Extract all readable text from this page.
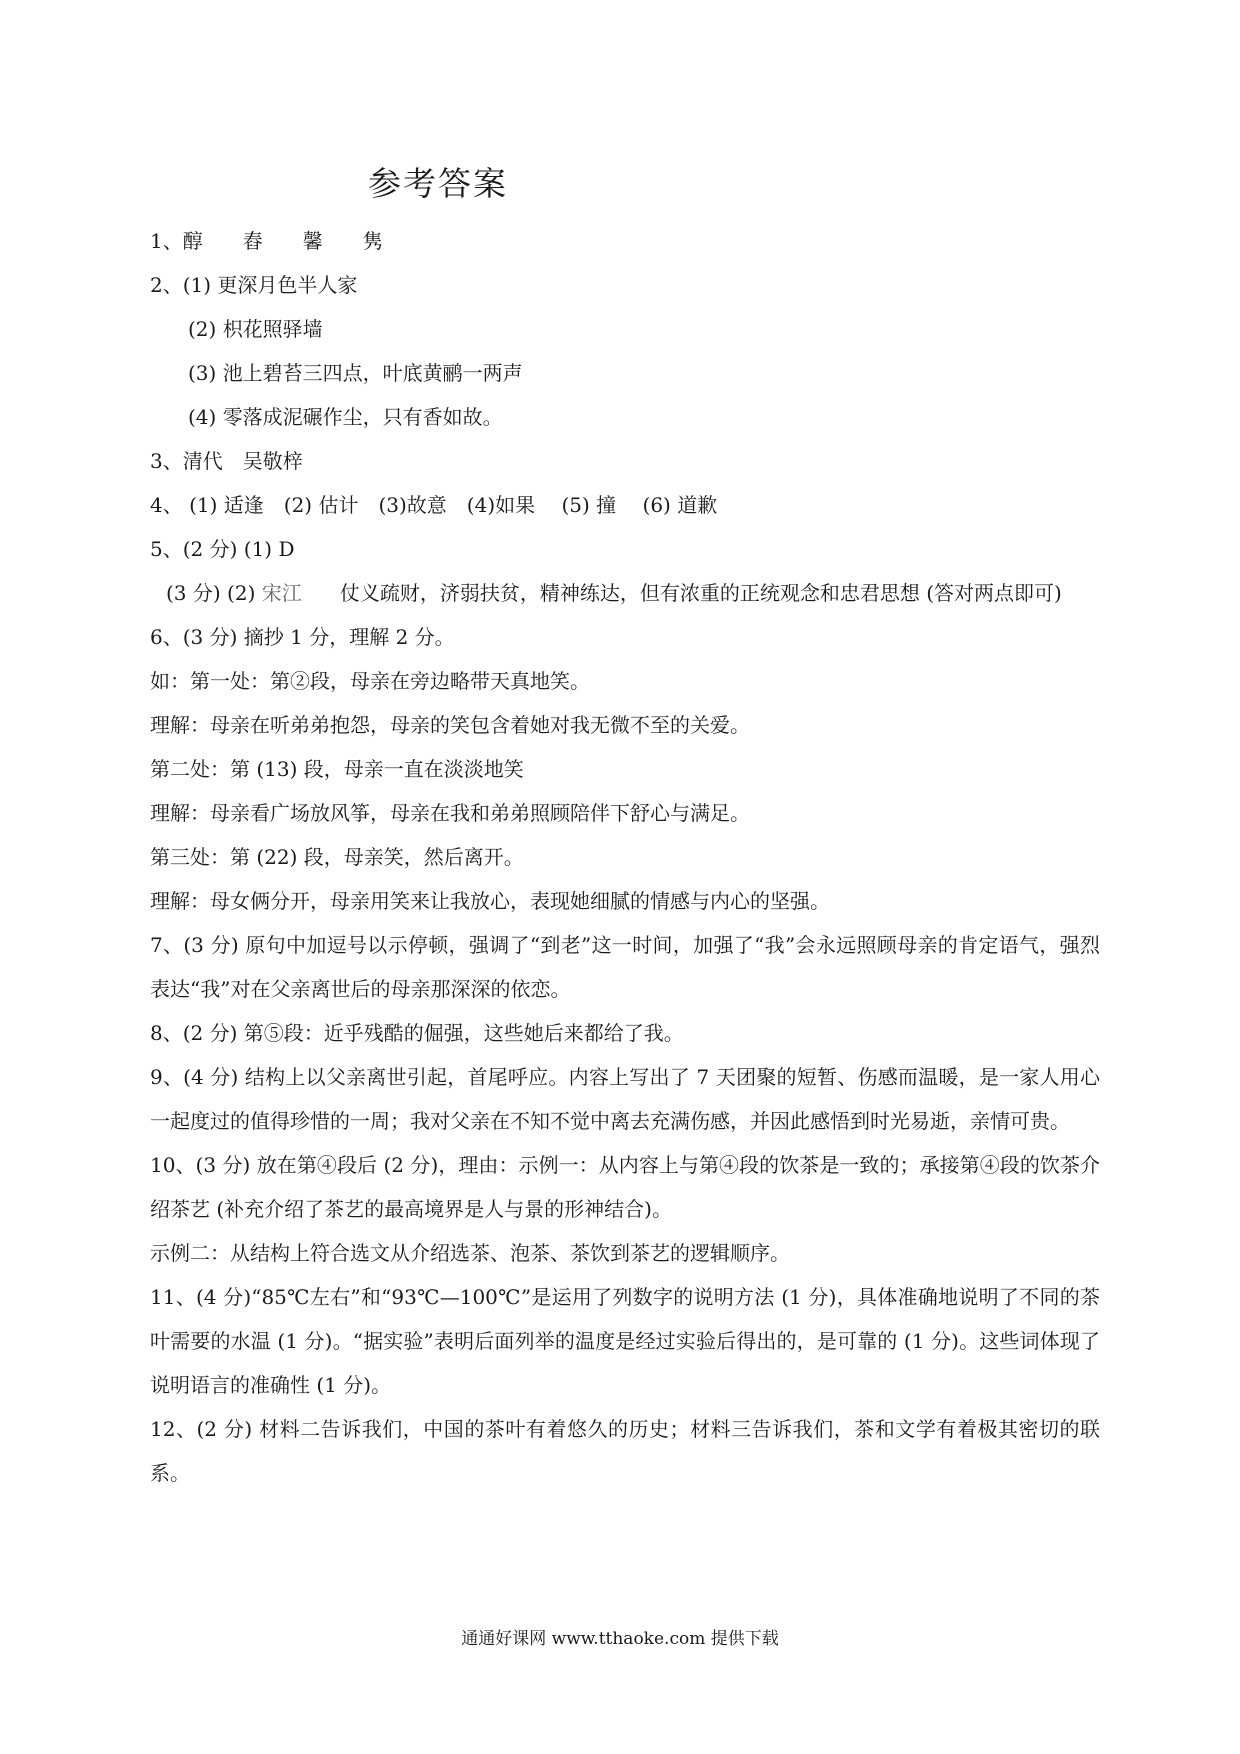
参考答案
1、醇　　舂　　馨　　隽
2、(1) 更深月色半人家
(2) 枳花照驿墙
(3) 池上碧苔三四点，叶底黄鹂一两声
(4) 零落成泥碾作尘，只有香如故。
3、清代　吴敬梓
4、 (1) 适逢　(2) 估计　(3)故意　(4)如果　 (5) 撞　 (6) 道歉
5、(2 分) (1) D
(3 分) (2) 宋江 仗义疏财，济弱扶贫，精神练达，但有浓重的正统观念和忠君思想 (答对两点即可)
6、(3 分) 摘抄 1 分，理解 2 分。
如：第一处：第②段，母亲在旁边略带天真地笑。
理解：母亲在听弟弟抱怨，母亲的笑包含着她对我无微不至的关爱。
第二处：第 (13) 段，母亲一直在淡淡地笑
理解：母亲看广场放风筝，母亲在我和弟弟照顾陪伴下舒心与满足。
第三处：第 (22) 段，母亲笑，然后离开。
理解：母女俩分开，母亲用笑来让我放心，表现她细腻的情感与内心的坚强。
7、(3 分) 原句中加逗号以示停顿，强调了“到老”这一时间，加强了“我”会永远照顾母亲的肯定语气，强烈表达“我”对在父亲离世后的母亲那深深的依恋。
8、(2 分) 第⑤段：近乎残酷的倔强，这些她后来都给了我。
9、(4 分) 结构上以父亲离世引起，首尾呼应。内容上写出了 7 天团聚的短暂、伤感而温暖，是一家人用心一起度过的值得珍惜的一周；我对父亲在不知不觉中离去充满伤感，并因此感悟到时光易逝，亲情可贵。
10、(3 分) 放在第④段后 (2 分)，理由：示例一：从内容上与第④段的饮茶是一致的；承接第④段的饮茶介绍茶艺 (补充介绍了茶艺的最高境界是人与景的形神结合)。
示例二：从结构上符合选文从介绍选茶、泡茶、茶饮到茶艺的逻辑顺序。
11、(4 分)“85℃左右”和“93℃—100℃”是运用了列数字的说明方法 (1 分)，具体准确地说明了不同的茶叶需要的水温 (1 分)。“据实验”表明后面列举的温度是经过实验后得出的，是可靠的 (1 分)。这些词体现了说明语言的准确性 (1 分)。
12、(2 分) 材料二告诉我们，中国的茶叶有着悠久的历史；材料三告诉我们，茶和文学有着极其密切的联系。
通通好课网 www.tthaoke.com 提供下载
